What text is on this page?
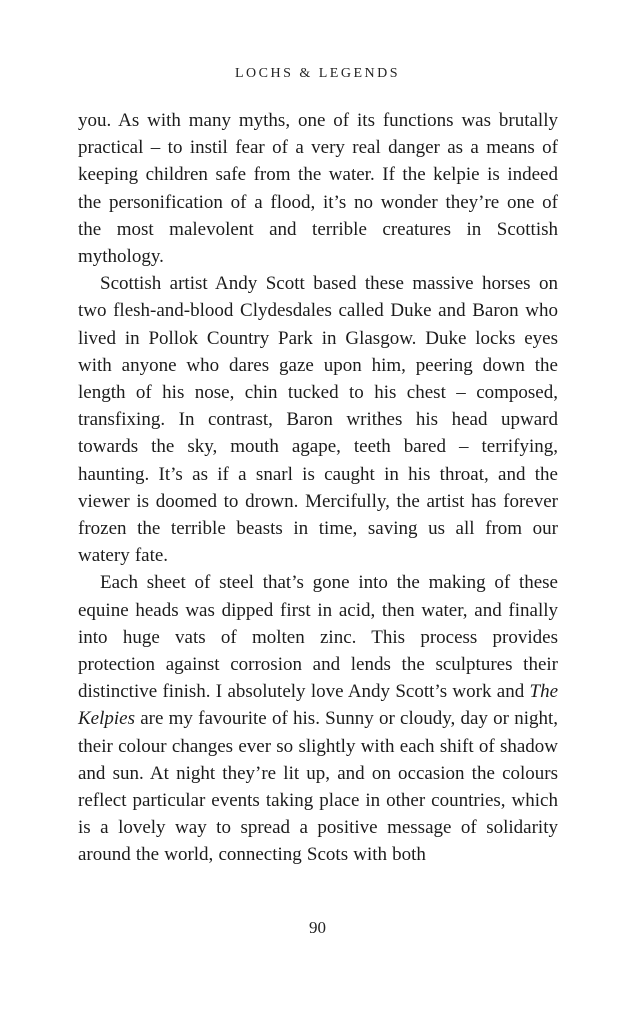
LOCHS & LEGENDS

you. As with many myths, one of its functions was brutally practical – to instil fear of a very real danger as a means of keeping children safe from the water. If the kelpie is indeed the personification of a flood, it’s no wonder they’re one of the most malevolent and terrible creatures in Scottish mythology.

Scottish artist Andy Scott based these massive horses on two flesh-and-blood Clydesdales called Duke and Baron who lived in Pollok Country Park in Glasgow. Duke locks eyes with anyone who dares gaze upon him, peering down the length of his nose, chin tucked to his chest – composed, transfixing. In contrast, Baron writhes his head upward towards the sky, mouth agape, teeth bared – terrifying, haunting. It’s as if a snarl is caught in his throat, and the viewer is doomed to drown. Mercifully, the artist has forever frozen the terrible beasts in time, saving us all from our watery fate.

Each sheet of steel that’s gone into the making of these equine heads was dipped first in acid, then water, and finally into huge vats of molten zinc. This process provides protection against corrosion and lends the sculptures their distinctive finish. I absolutely love Andy Scott’s work and The Kelpies are my favourite of his. Sunny or cloudy, day or night, their colour changes ever so slightly with each shift of shadow and sun. At night they’re lit up, and on occasion the colours reflect particular events taking place in other countries, which is a lovely way to spread a positive message of solidarity around the world, connecting Scots with both

90
